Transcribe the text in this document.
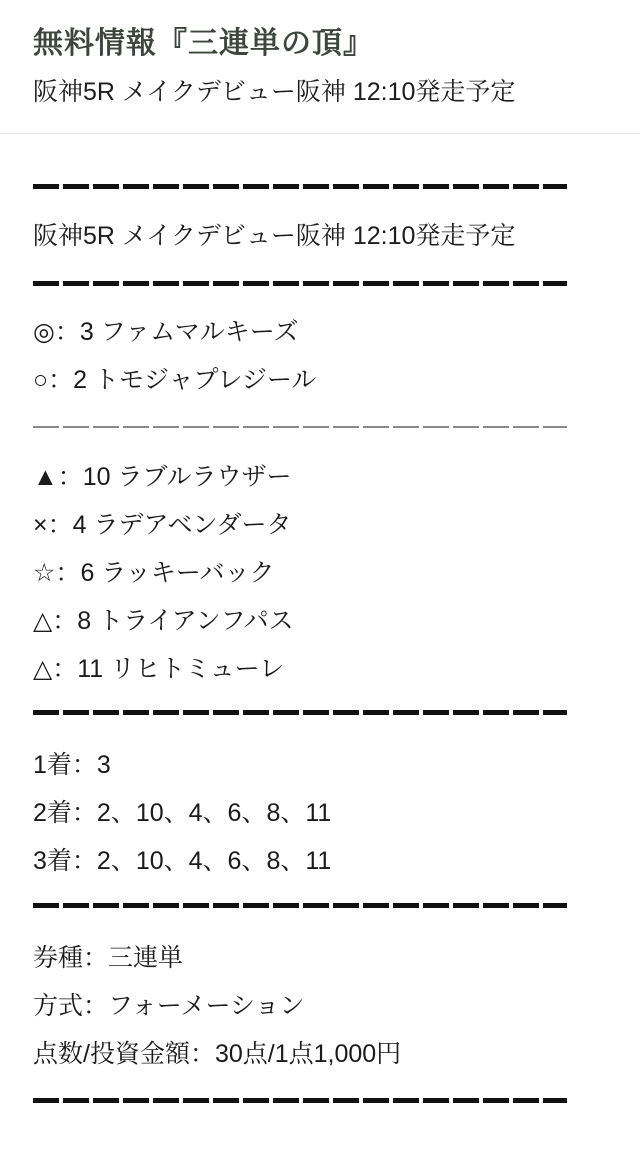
無料情報『三連単の頂』

阪神5R メイクデビュー阪神 12:10発走予定

阪神5R メイクデビュー阪神 12:10発走予定

◎：3 ファムマルキーズ
○：2 トモジャプレジール
▲：10 ラブルラウザー
×：4 ラデアベンダータ
☆：6 ラッキーバック
△：8 トライアンフパス
△：11 リヒトミューレ
1着：3
2着：2、10、4、6、8、11
3着：2、10、4、6、8、11
券種：三連単
方式：フォーメーション
点数/投資金額：30点/1点1,000円
